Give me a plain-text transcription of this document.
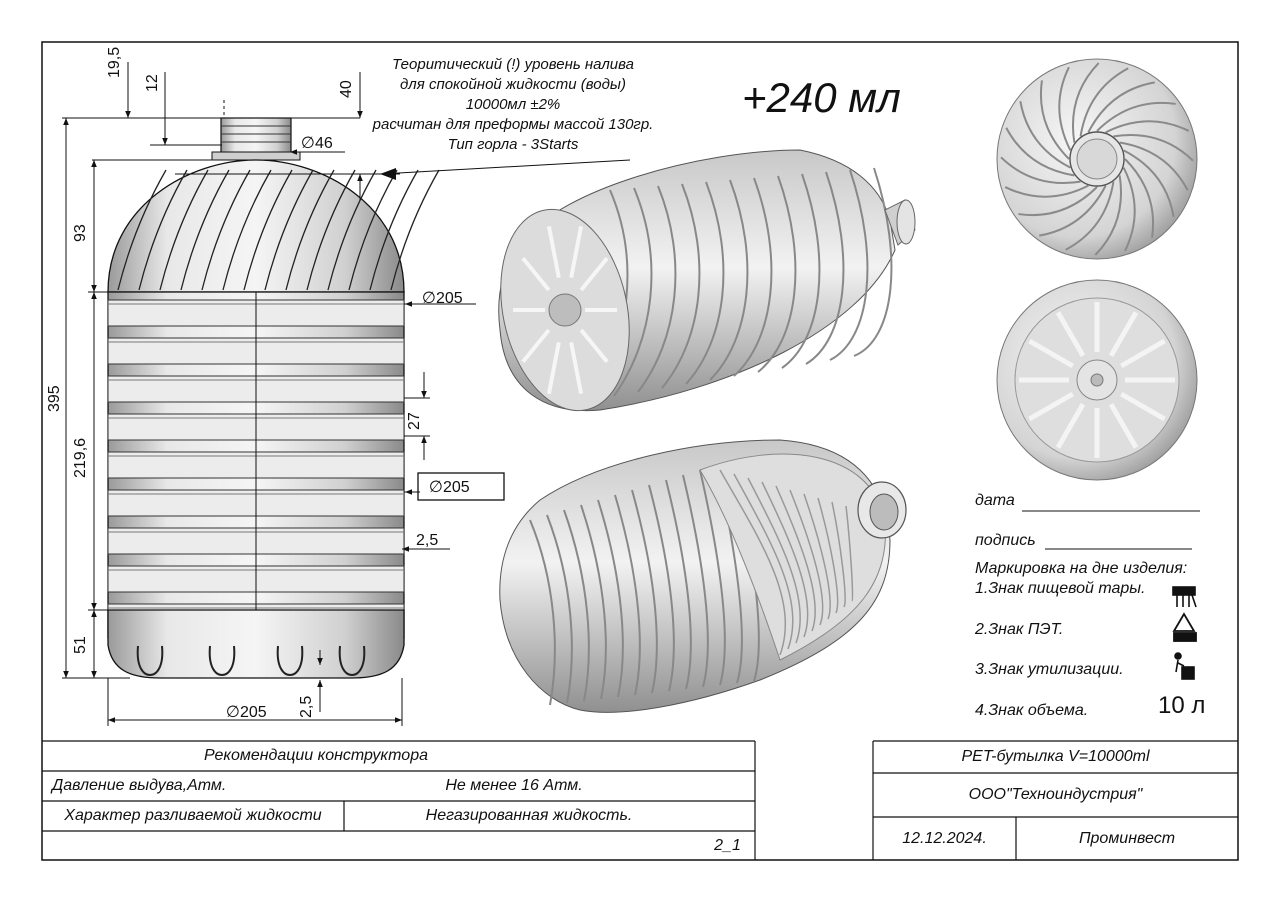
Теоритический (!) уровень налива
для спокойной жидкости (воды)
10000мл ±2%
расчитан для преформы массой 130гр.
Тип горла - 3Starts
+240 мл
19,5
12	40
∅46
93
∅205
395
219,6
27
∅205
2,5
51
2,5
∅205
дата
подпись
Маркировка на дне изделия:
1.Знак пищевой тары.
2.Знак ПЭТ.
3.Знак утилизации.
4.Знак объема.	10 л
Рекомендации конструктора
Давление выдува,Атм.	Не менее 16 Атм.
Характер разливаемой жидкости	Негазированная жидкость.
2_1
PET-бутылка V=10000ml
ООО"Техноиндустрия"
12.12.2024.	Проминвест
